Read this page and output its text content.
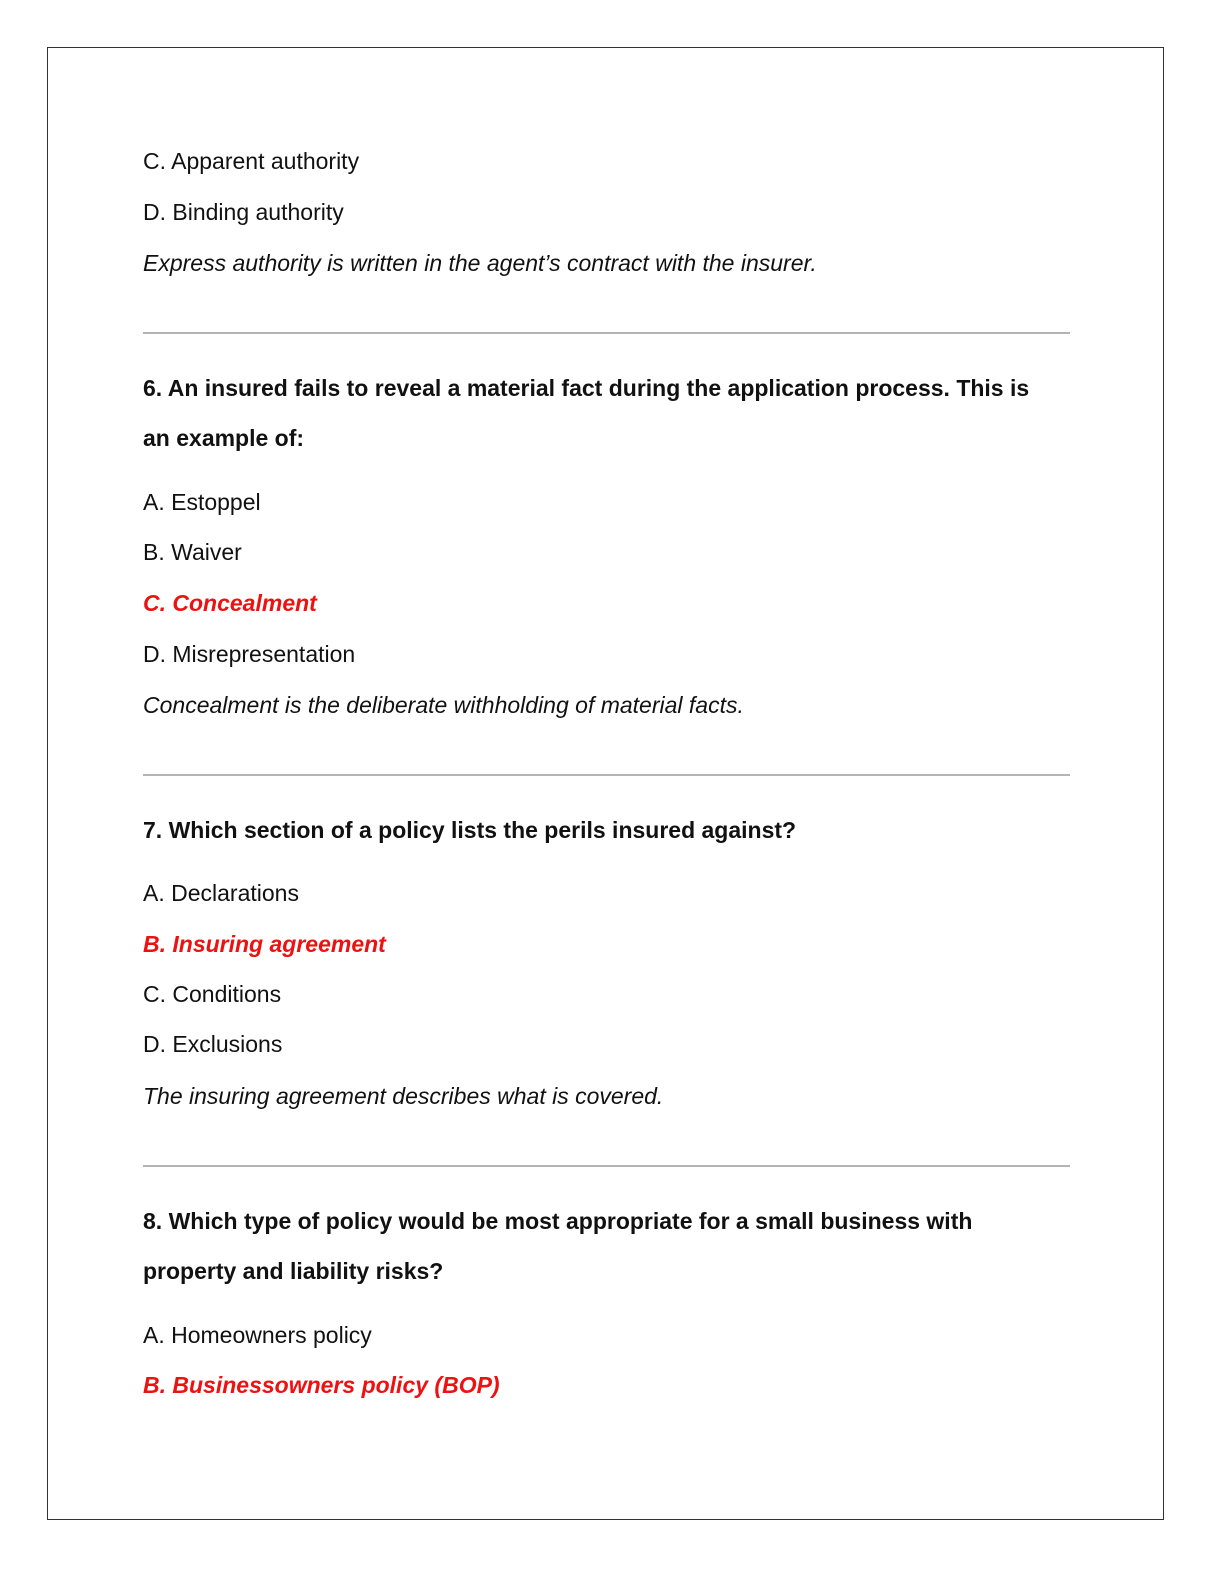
C. Apparent authority
D. Binding authority
Express authority is written in the agent’s contract with the insurer.
6. An insured fails to reveal a material fact during the application process. This is
an example of:
A. Estoppel
B. Waiver
C. Concealment
D. Misrepresentation
Concealment is the deliberate withholding of material facts.
7. Which section of a policy lists the perils insured against?
A. Declarations
B. Insuring agreement
C. Conditions
D. Exclusions
The insuring agreement describes what is covered.
8. Which type of policy would be most appropriate for a small business with
property and liability risks?
A. Homeowners policy
B. Businessowners policy (BOP)
